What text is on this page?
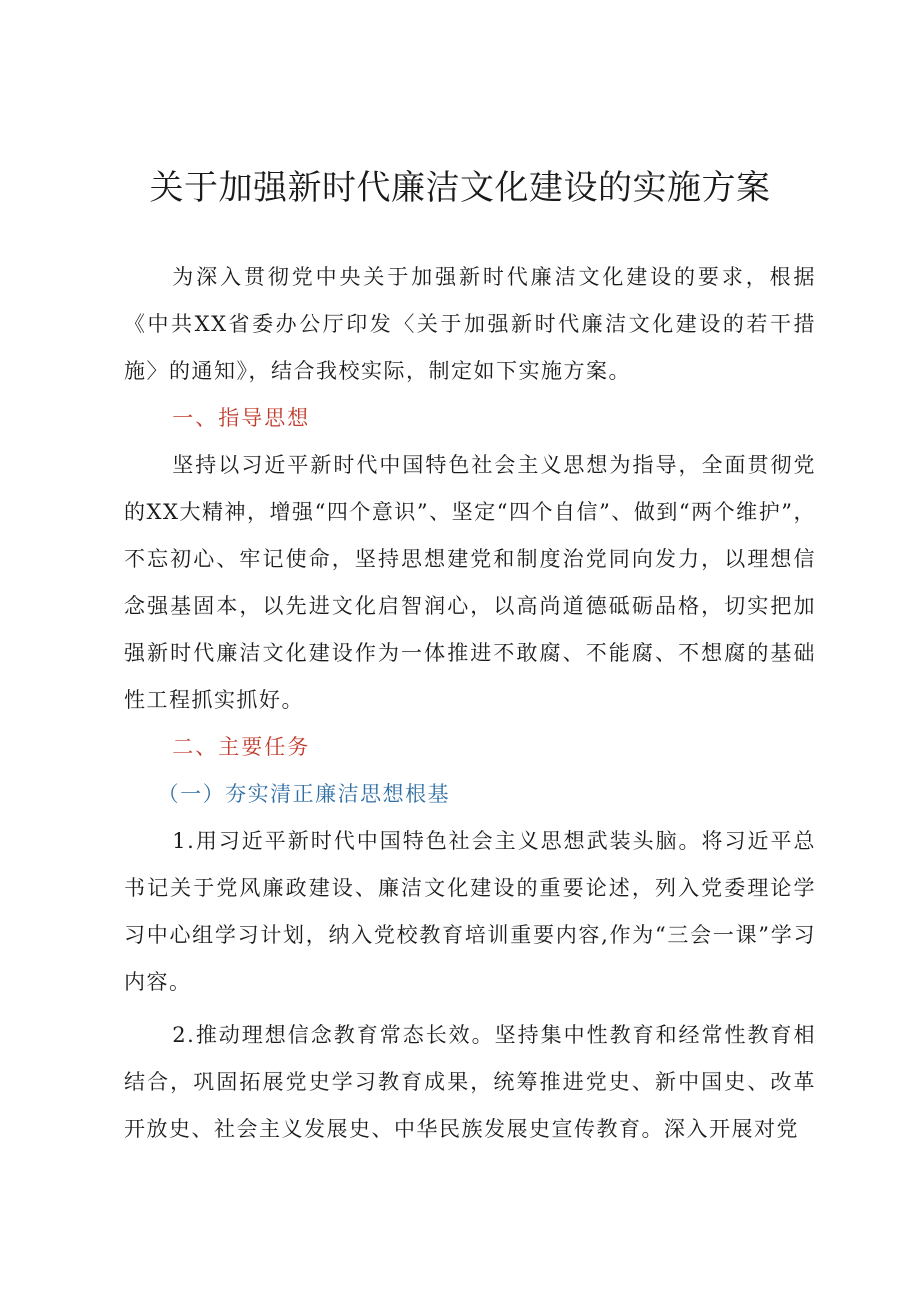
关于加强新时代廉洁文化建设的实施方案

为深入贯彻党中央关于加强新时代廉洁文化建设的要求，根据《中共XX省委办公厅印发〈关于加强新时代廉洁文化建设的若干措施〉的通知》，结合我校实际，制定如下实施方案。

一、指导思想

坚持以习近平新时代中国特色社会主义思想为指导，全面贯彻党的XX大精神，增强“四个意识”、坚定“四个自信”、做到“两个维护”，不忘初心、牢记使命，坚持思想建党和制度治党同向发力，以理想信念强基固本，以先进文化启智润心，以高尚道德砥砺品格，切实把加强新时代廉洁文化建设作为一体推进不敢腐、不能腐、不想腐的基础性工程抓实抓好。

二、主要任务

（一）夯实清正廉洁思想根基

1.用习近平新时代中国特色社会主义思想武装头脑。将习近平总书记关于党风廉政建设、廉洁文化建设的重要论述，列入党委理论学习中心组学习计划，纳入党校教育培训重要内容,作为“三会一课”学习内容。

2.推动理想信念教育常态长效。坚持集中性教育和经常性教育相结合，巩固拓展党史学习教育成果，统筹推进党史、新中国史、改革开放史、社会主义发展史、中华民族发展史宣传教育。深入开展对党
